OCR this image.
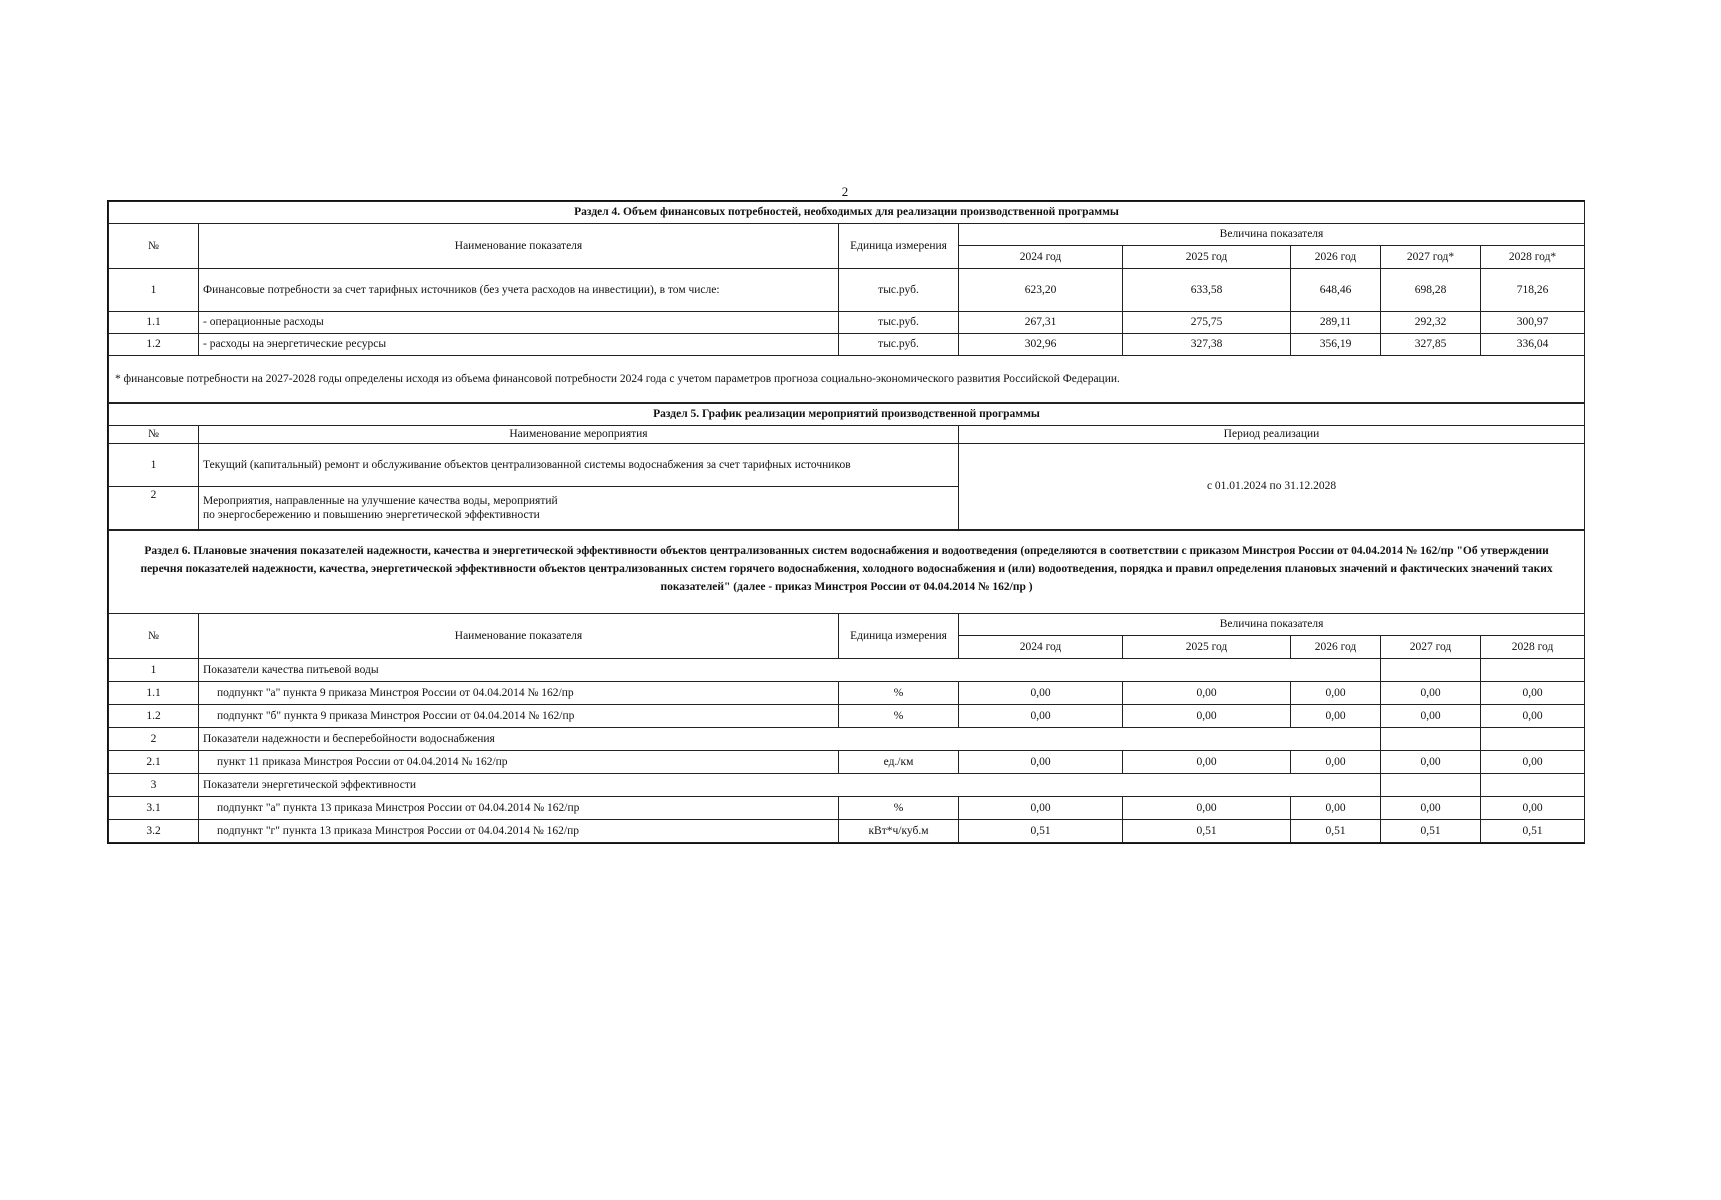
2
Раздел 4. Объем финансовых потребностей, необходимых для реализации производственной программы							
№	Наименование показателя	Единица измерения	Величина показателя				
			2024 год	2025 год	2026 год	2027 год*	2028 год*
1	Финансовые потребности за счет тарифных источников (без учета расходов на инвестиции), в том числе:	тыс.руб.	623,20	633,58	648,46	698,28	718,26
1.1	- операционные расходы	тыс.руб.	267,31	275,75	289,11	292,32	300,97
1.2	- расходы на энергетические ресурсы	тыс.руб.	302,96	327,38	356,19	327,85	336,04
* финансовые потребности на 2027-2028 годы определены исходя из объема финансовой потребности 2024 года с учетом параметров прогноза социально-экономического развития Российской Федерации.							
Раздел 5. График реализации мероприятий производственной программы		
№	Наименование мероприятия	Период реализации
1	Текущий (капитальный) ремонт и обслуживание объектов централизованной системы водоснабжения за счет тарифных источников	с 01.01.2024 по 31.12.2028
2	Мероприятия, направленные на улучшение качества воды, мероприятий
по энергосбережению и повышению энергетической эффективности	
Раздел 6. Плановые значения показателей надежности, качества и энергетической эффективности объектов централизованных систем водоснабжения и водоотведения (определяются в соответствии с приказом Минстроя России от 04.04.2014 № 162/пр "Об утверждении перечня показателей надежности, качества, энергетической эффективности объектов централизованных систем горячего водоснабжения, холодного водоснабжения и (или) водоотведения, порядка и правил определения плановых значений и фактических значений таких показателей" (далее - приказ Минстроя России от 04.04.2014 № 162/пр )							
№	Наименование показателя	Единица измерения	Величина показателя				
			2024 год	2025 год	2026 год	2027 год	2028 год
1	Показатели качества питьевой воды						
1.1	подпункт "а" пункта 9 приказа Минстроя России от 04.04.2014 № 162/пр	%	0,00	0,00	0,00	0,00	0,00
1.2	подпункт "б" пункта 9 приказа Минстроя России от 04.04.2014 № 162/пр	%	0,00	0,00	0,00	0,00	0,00
2	Показатели надежности и бесперебойности водоснабжения						
2.1	пункт 11 приказа Минстроя России от 04.04.2014 № 162/пр	ед./км	0,00	0,00	0,00	0,00	0,00
3	Показатели энергетической эффективности						
3.1	подпункт "а" пункта 13 приказа Минстроя России от 04.04.2014 № 162/пр	%	0,00	0,00	0,00	0,00	0,00
3.2	подпункт "г" пункта 13 приказа Минстроя России от 04.04.2014 № 162/пр	кВт*ч/куб.м	0,51	0,51	0,51	0,51	0,51
